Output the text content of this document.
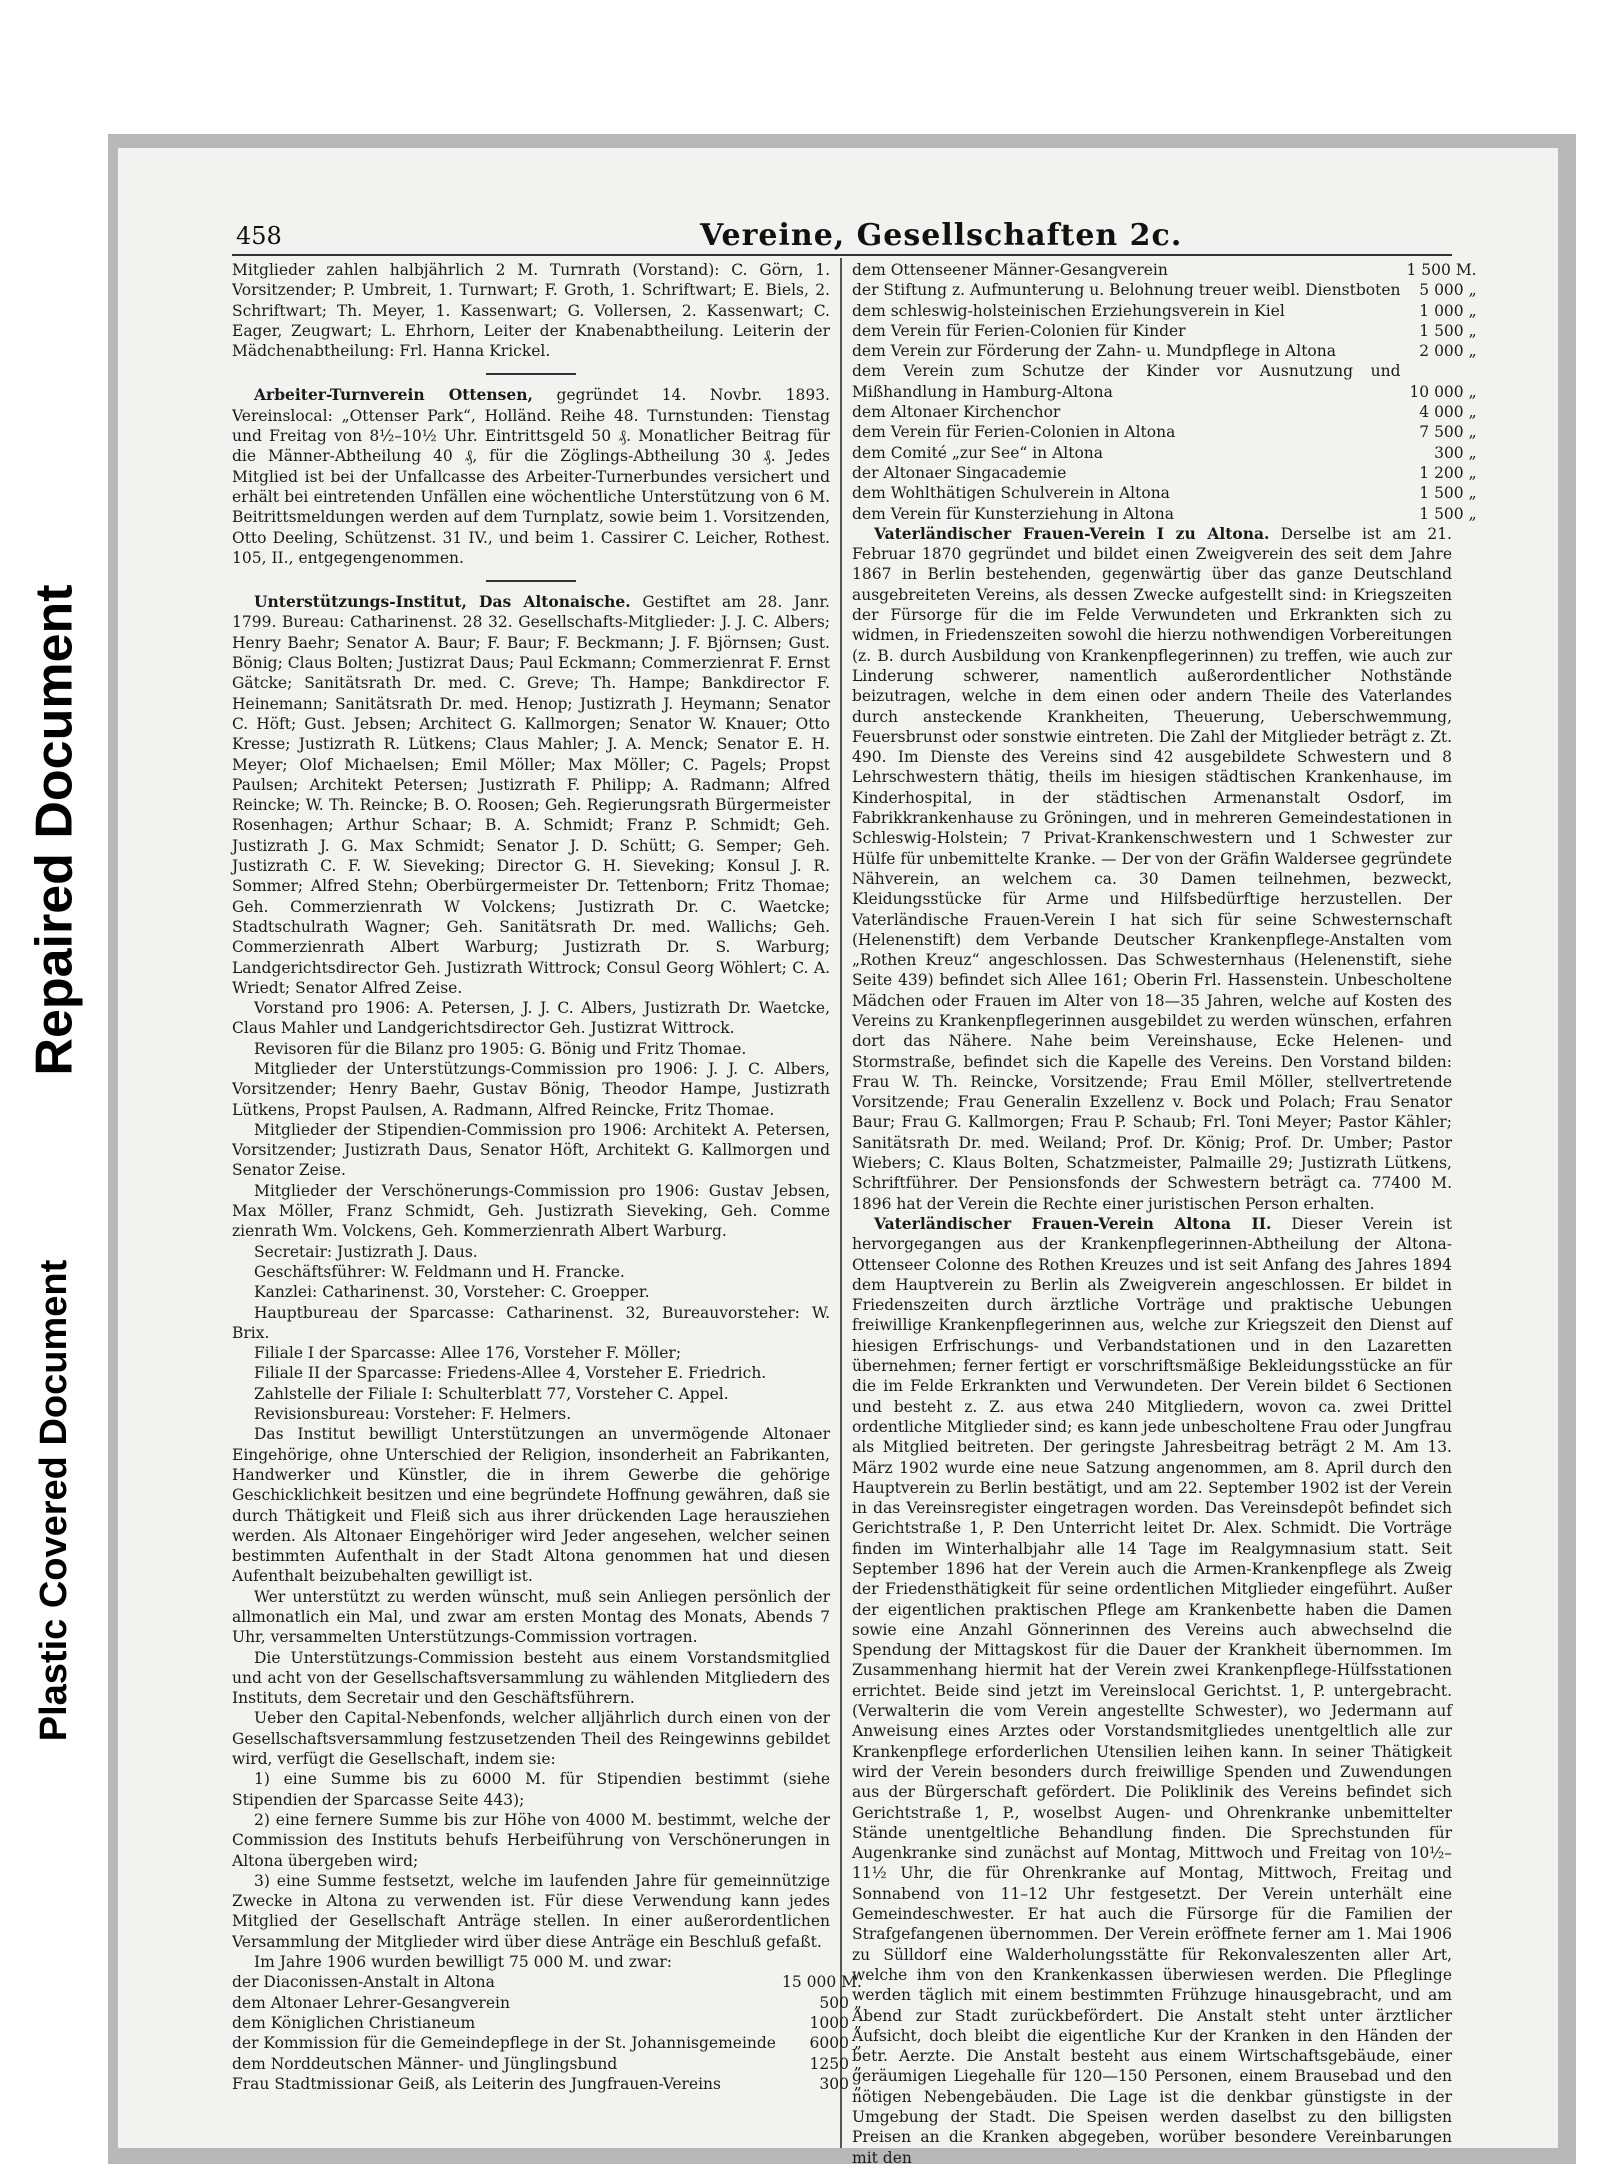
Repaired Document
Plastic Covered Document
458	Vereine, Gesellschaften 2c.

Mitglieder zahlen halbjährlich 2 M. Turnrath (Vorstand): C. Görn, 1. Vorsitzender; P. Umbreit, 1. Turnwart; F. Groth, 1. Schriftwart; E. Biels, 2. Schriftwart; Th. Meyer, 1. Kassenwart; G. Vollersen, 2. Kassenwart; C. Eager, Zeugwart; L. Ehrhorn, Leiter der Knabenabtheilung. Leiterin der Mädchenabtheilung: Frl. Hanna Krickel.

Arbeiter-Turnverein Ottensen, gegründet 14. Novbr. 1893. Vereinslocal: „Ottenser Park“, Holländ. Reihe 48. Turnstunden: Tienstag und Freitag von 8½–10½ Uhr. Eintrittsgeld 50 ₰. Monatlicher Beitrag für die Männer-Abtheilung 40 ₰, für die Zöglings-Abtheilung 30 ₰. Jedes Mitglied ist bei der Unfallcasse des Arbeiter-Turnerbundes versichert und erhält bei eintretenden Unfällen eine wöchentliche Unterstützung von 6 M. Beitrittsmeldungen werden auf dem Turnplatz, sowie beim 1. Vorsitzenden, Otto Deeling, Schützenst. 31 IV., und beim 1. Cassirer C. Leicher, Rothest. 105, II., entgegengenommen.

Unterstützungs-Institut, Das Altonaische. Gestiftet am 28. Janr. 1799. Bureau: Catharinenst. 28 32. Gesellschafts-Mitglieder: J. J. C. Albers; Henry Baehr; Senator A. Baur; F. Baur; F. Beckmann; J. F. Björnsen; Gust. Bönig; Claus Bolten; Justizrat Daus; Paul Eckmann; Commerzienrat F. Ernst Gätcke; Sanitätsrath Dr. med. C. Greve; Th. Hampe; Bankdirector F. Heinemann; Sanitätsrath Dr. med. Henop; Justizrath J. Heymann; Senator C. Höft; Gust. Jebsen; Architect G. Kallmorgen; Senator W. Knauer; Otto Kresse; Justizrath R. Lütkens; Claus Mahler; J. A. Menck; Senator E. H. Meyer; Olof Michaelsen; Emil Möller; Max Möller; C. Pagels; Propst Paulsen; Architekt Petersen; Justizrath F. Philipp; A. Radmann; Alfred Reincke; W. Th. Reincke; B. O. Roosen; Geh. Regierungsrath Bürgermeister Rosenhagen; Arthur Schaar; B. A. Schmidt; Franz P. Schmidt; Geh. Justizrath J. G. Max Schmidt; Senator J. D. Schütt; G. Semper; Geh. Justizrath C. F. W. Sieveking; Director G. H. Sieveking; Konsul J. R. Sommer; Alfred Stehn; Oberbürgermeister Dr. Tettenborn; Fritz Thomae; Geh. Commerzienrath W Volckens; Justizrath Dr. C. Waetcke; Stadtschulrath Wagner; Geh. Sanitätsrath Dr. med. Wallichs; Geh. Commerzienrath Albert Warburg; Justizrath Dr. S. Warburg; Landgerichtsdirector Geh. Justizrath Wittrock; Consul Georg Wöhlert; C. A. Wriedt; Senator Alfred Zeise.

Vorstand pro 1906: A. Petersen, J. J. C. Albers, Justizrath Dr. Waetcke, Claus Mahler und Landgerichtsdirector Geh. Justizrat Wittrock.

Revisoren für die Bilanz pro 1905: G. Bönig und Fritz Thomae.

Mitglieder der Unterstützungs-Commission pro 1906: J. J. C. Albers, Vorsitzender; Henry Baehr, Gustav Bönig, Theodor Hampe, Justizrath Lütkens, Propst Paulsen, A. Radmann, Alfred Reincke, Fritz Thomae.

Mitglieder der Stipendien-Commission pro 1906: Architekt A. Petersen, Vorsitzender; Justizrath Daus, Senator Höft, Architekt G. Kallmorgen und Senator Zeise.

Mitglieder der Verschönerungs-Commission pro 1906: Gustav Jebsen, Max Möller, Franz Schmidt, Geh. Justizrath Sieveking, Geh. Comme zienrath Wm. Volckens, Geh. Kommerzienrath Albert Warburg.

Secretair: Justizrath J. Daus.

Geschäftsführer: W. Feldmann und H. Francke.

Kanzlei: Catharinenst. 30, Vorsteher: C. Groepper.

Hauptbureau der Sparcasse: Catharinenst. 32, Bureauvorsteher: W. Brix.

Filiale I der Sparcasse: Allee 176, Vorsteher F. Möller;

Filiale II der Sparcasse: Friedens-Allee 4, Vorsteher E. Friedrich.

Zahlstelle der Filiale I: Schulterblatt 77, Vorsteher C. Appel.

Revisionsbureau: Vorsteher: F. Helmers.

Das Institut bewilligt Unterstützungen an unvermögende Altonaer Eingehörige, ohne Unterschied der Religion, insonderheit an Fabrikanten, Handwerker und Künstler, die in ihrem Gewerbe die gehörige Geschicklichkeit besitzen und eine begründete Hoffnung gewähren, daß sie durch Thätigkeit und Fleiß sich aus ihrer drückenden Lage herausziehen werden. Als Altonaer Eingehöriger wird Jeder angesehen, welcher seinen bestimmten Aufenthalt in der Stadt Altona genommen hat und diesen Aufenthalt beizubehalten gewilligt ist.

Wer unterstützt zu werden wünscht, muß sein Anliegen persönlich der allmonatlich ein Mal, und zwar am ersten Montag des Monats, Abends 7 Uhr, versammelten Unterstützungs-Commission vortragen.

Die Unterstützungs-Commission besteht aus einem Vorstandsmitglied und acht von der Gesellschaftsversammlung zu wählenden Mitgliedern des Instituts, dem Secretair und den Geschäftsführern.

Ueber den Capital-Nebenfonds, welcher alljährlich durch einen von der Gesellschaftsversammlung festzusetzenden Theil des Reingewinns gebildet wird, verfügt die Gesellschaft, indem sie:

1) eine Summe bis zu 6000 M. für Stipendien bestimmt (siehe Stipendien der Sparcasse Seite 443);

2) eine fernere Summe bis zur Höhe von 4000 M. bestimmt, welche der Commission des Instituts behufs Herbeiführung von Verschönerungen in Altona übergeben wird;

3) eine Summe festsetzt, welche im laufenden Jahre für gemeinnützige Zwecke in Altona zu verwenden ist. Für diese Verwendung kann jedes Mitglied der Gesellschaft Anträge stellen. In einer außerordentlichen Versammlung der Mitglieder wird über diese Anträge ein Beschluß gefaßt.

Im Jahre 1906 wurden bewilligt 75 000 M. und zwar:

der Diaconissen-Anstalt in Altona	15 000 M.
dem Altonaer Lehrer-Gesangverein	500 „
dem Königlichen Christianeum	1000 „
der Kommission für die Gemeindepflege in der St. Johannisgemeinde	6000 „
dem Norddeutschen Männer- und Jünglingsbund	1250 „
Frau Stadtmissionar Geiß, als Leiterin des Jungfrauen-Vereins	300 „
dem Ottenseener Männer-Gesangverein	1 500 M.
der Stiftung z. Aufmunterung u. Belohnung treuer weibl. Dienstboten	5 000 „
dem schleswig-holsteinischen Erziehungsverein in Kiel	1 000 „
dem Verein für Ferien-Colonien für Kinder	1 500 „
dem Verein zur Förderung der Zahn- u. Mundpflege in Altona	2 000 „
dem Verein zum Schutze der Kinder vor Ausnutzung und Mißhandlung in Hamburg-Altona	10 000 „
dem Altonaer Kirchenchor	4 000 „
dem Verein für Ferien-Colonien in Altona	7 500 „
dem Comité „zur See“ in Altona	300 „
der Altonaer Singacademie	1 200 „
dem Wohlthätigen Schulverein in Altona	1 500 „
dem Verein für Kunsterziehung in Altona	1 500 „

Vaterländischer Frauen-Verein I zu Altona. Derselbe ist am 21. Februar 1870 gegründet und bildet einen Zweigverein des seit dem Jahre 1867 in Berlin bestehenden, gegenwärtig über das ganze Deutschland ausgebreiteten Vereins, als dessen Zwecke aufgestellt sind: in Kriegszeiten der Fürsorge für die im Felde Verwundeten und Erkrankten sich zu widmen, in Friedenszeiten sowohl die hierzu nothwendigen Vorbereitungen (z. B. durch Ausbildung von Krankenpflegerinnen) zu treffen, wie auch zur Linderung schwerer, namentlich außerordentlicher Nothstände beizutragen, welche in dem einen oder andern Theile des Vaterlandes durch ansteckende Krankheiten, Theuerung, Ueberschwemmung, Feuersbrunst oder sonstwie eintreten. Die Zahl der Mitglieder beträgt z. Zt. 490. Im Dienste des Vereins sind 42 ausgebildete Schwestern und 8 Lehrschwestern thätig, theils im hiesigen städtischen Krankenhause, im Kinderhospital, in der städtischen Armenanstalt Osdorf, im Fabrikkrankenhause zu Gröningen, und in mehreren Gemeindestationen in Schleswig-Holstein; 7 Privat-Krankenschwestern und 1 Schwester zur Hülfe für unbemittelte Kranke. — Der von der Gräfin Waldersee gegründete Nähverein, an welchem ca. 30 Damen teilnehmen, bezweckt, Kleidungsstücke für Arme und Hilfsbedürftige herzustellen. Der Vaterländische Frauen-Verein I hat sich für seine Schwesternschaft (Helenenstift) dem Verbande Deutscher Krankenpflege-Anstalten vom „Rothen Kreuz“ angeschlossen. Das Schwesternhaus (Helenenstift, siehe Seite 439) befindet sich Allee 161; Oberin Frl. Hassenstein. Unbescholtene Mädchen oder Frauen im Alter von 18—35 Jahren, welche auf Kosten des Vereins zu Krankenpflegerinnen ausgebildet zu werden wünschen, erfahren dort das Nähere. Nahe beim Vereinshause, Ecke Helenen- und Stormstraße, befindet sich die Kapelle des Vereins. Den Vorstand bilden: Frau W. Th. Reincke, Vorsitzende; Frau Emil Möller, stellvertretende Vorsitzende; Frau Generalin Exzellenz v. Bock und Polach; Frau Senator Baur; Frau G. Kallmorgen; Frau P. Schaub; Frl. Toni Meyer; Pastor Kähler; Sanitätsrath Dr. med. Weiland; Prof. Dr. König; Prof. Dr. Umber; Pastor Wiebers; C. Klaus Bolten, Schatzmeister, Palmaille 29; Justizrath Lütkens, Schriftführer. Der Pensionsfonds der Schwestern beträgt ca. 77400 M. 1896 hat der Verein die Rechte einer juristischen Person erhalten.

Vaterländischer Frauen-Verein Altona II. Dieser Verein ist hervorgegangen aus der Krankenpflegerinnen-Abtheilung der Altona-Ottenseer Colonne des Rothen Kreuzes und ist seit Anfang des Jahres 1894 dem Hauptverein zu Berlin als Zweigverein angeschlossen. Er bildet in Friedenszeiten durch ärztliche Vorträge und praktische Uebungen freiwillige Krankenpflegerinnen aus, welche zur Kriegszeit den Dienst auf hiesigen Erfrischungs- und Verbandstationen und in den Lazaretten übernehmen; ferner fertigt er vorschriftsmäßige Bekleidungsstücke an für die im Felde Erkrankten und Verwundeten. Der Verein bildet 6 Sectionen und besteht z. Z. aus etwa 240 Mitgliedern, wovon ca. zwei Drittel ordentliche Mitglieder sind; es kann jede unbescholtene Frau oder Jungfrau als Mitglied beitreten. Der geringste Jahresbeitrag beträgt 2 M. Am 13. März 1902 wurde eine neue Satzung angenommen, am 8. April durch den Hauptverein zu Berlin bestätigt, und am 22. September 1902 ist der Verein in das Vereinsregister eingetragen worden. Das Vereinsdepôt befindet sich Gerichtstraße 1, P. Den Unterricht leitet Dr. Alex. Schmidt. Die Vorträge finden im Winterhalbjahr alle 14 Tage im Realgymnasium statt. Seit September 1896 hat der Verein auch die Armen-Krankenpflege als Zweig der Friedensthätigkeit für seine ordentlichen Mitglieder eingeführt. Außer der eigentlichen praktischen Pflege am Krankenbette haben die Damen sowie eine Anzahl Gönnerinnen des Vereins auch abwechselnd die Spendung der Mittagskost für die Dauer der Krankheit übernommen. Im Zusammenhang hiermit hat der Verein zwei Krankenpflege-Hülfsstationen errichtet. Beide sind jetzt im Vereinslocal Gerichtst. 1, P. untergebracht. (Verwalterin die vom Verein angestellte Schwester), wo Jedermann auf Anweisung eines Arztes oder Vorstandsmitgliedes unentgeltlich alle zur Krankenpflege erforderlichen Utensilien leihen kann. In seiner Thätigkeit wird der Verein besonders durch freiwillige Spenden und Zuwendungen aus der Bürgerschaft gefördert. Die Poliklinik des Vereins befindet sich Gerichtstraße 1, P., woselbst Augen- und Ohrenkranke unbemittelter Stände unentgeltliche Behandlung finden. Die Sprechstunden für Augenkranke sind zunächst auf Montag, Mittwoch und Freitag von 10½–11½ Uhr, die für Ohrenkranke auf Montag, Mittwoch, Freitag und Sonnabend von 11–12 Uhr festgesetzt. Der Verein unterhält eine Gemeindeschwester. Er hat auch die Fürsorge für die Familien der Strafgefangenen übernommen. Der Verein eröffnete ferner am 1. Mai 1906 zu Sülldorf eine Walderholungsstätte für Rekonvaleszenten aller Art, welche ihm von den Krankenkassen überwiesen werden. Die Pfleglinge werden täglich mit einem bestimmten Frühzuge hinausgebracht, und am Abend zur Stadt zurückbefördert. Die Anstalt steht unter ärztlicher Aufsicht, doch bleibt die eigentliche Kur der Kranken in den Händen der betr. Aerzte. Die Anstalt besteht aus einem Wirtschaftsgebäude, einer geräumigen Liegehalle für 120—150 Personen, einem Brausebad und den nötigen Nebengebäuden. Die Lage ist die denkbar günstigste in der Umgebung der Stadt. Die Speisen werden daselbst zu den billigsten Preisen an die Kranken abgegeben, worüber besondere Vereinbarungen mit den
